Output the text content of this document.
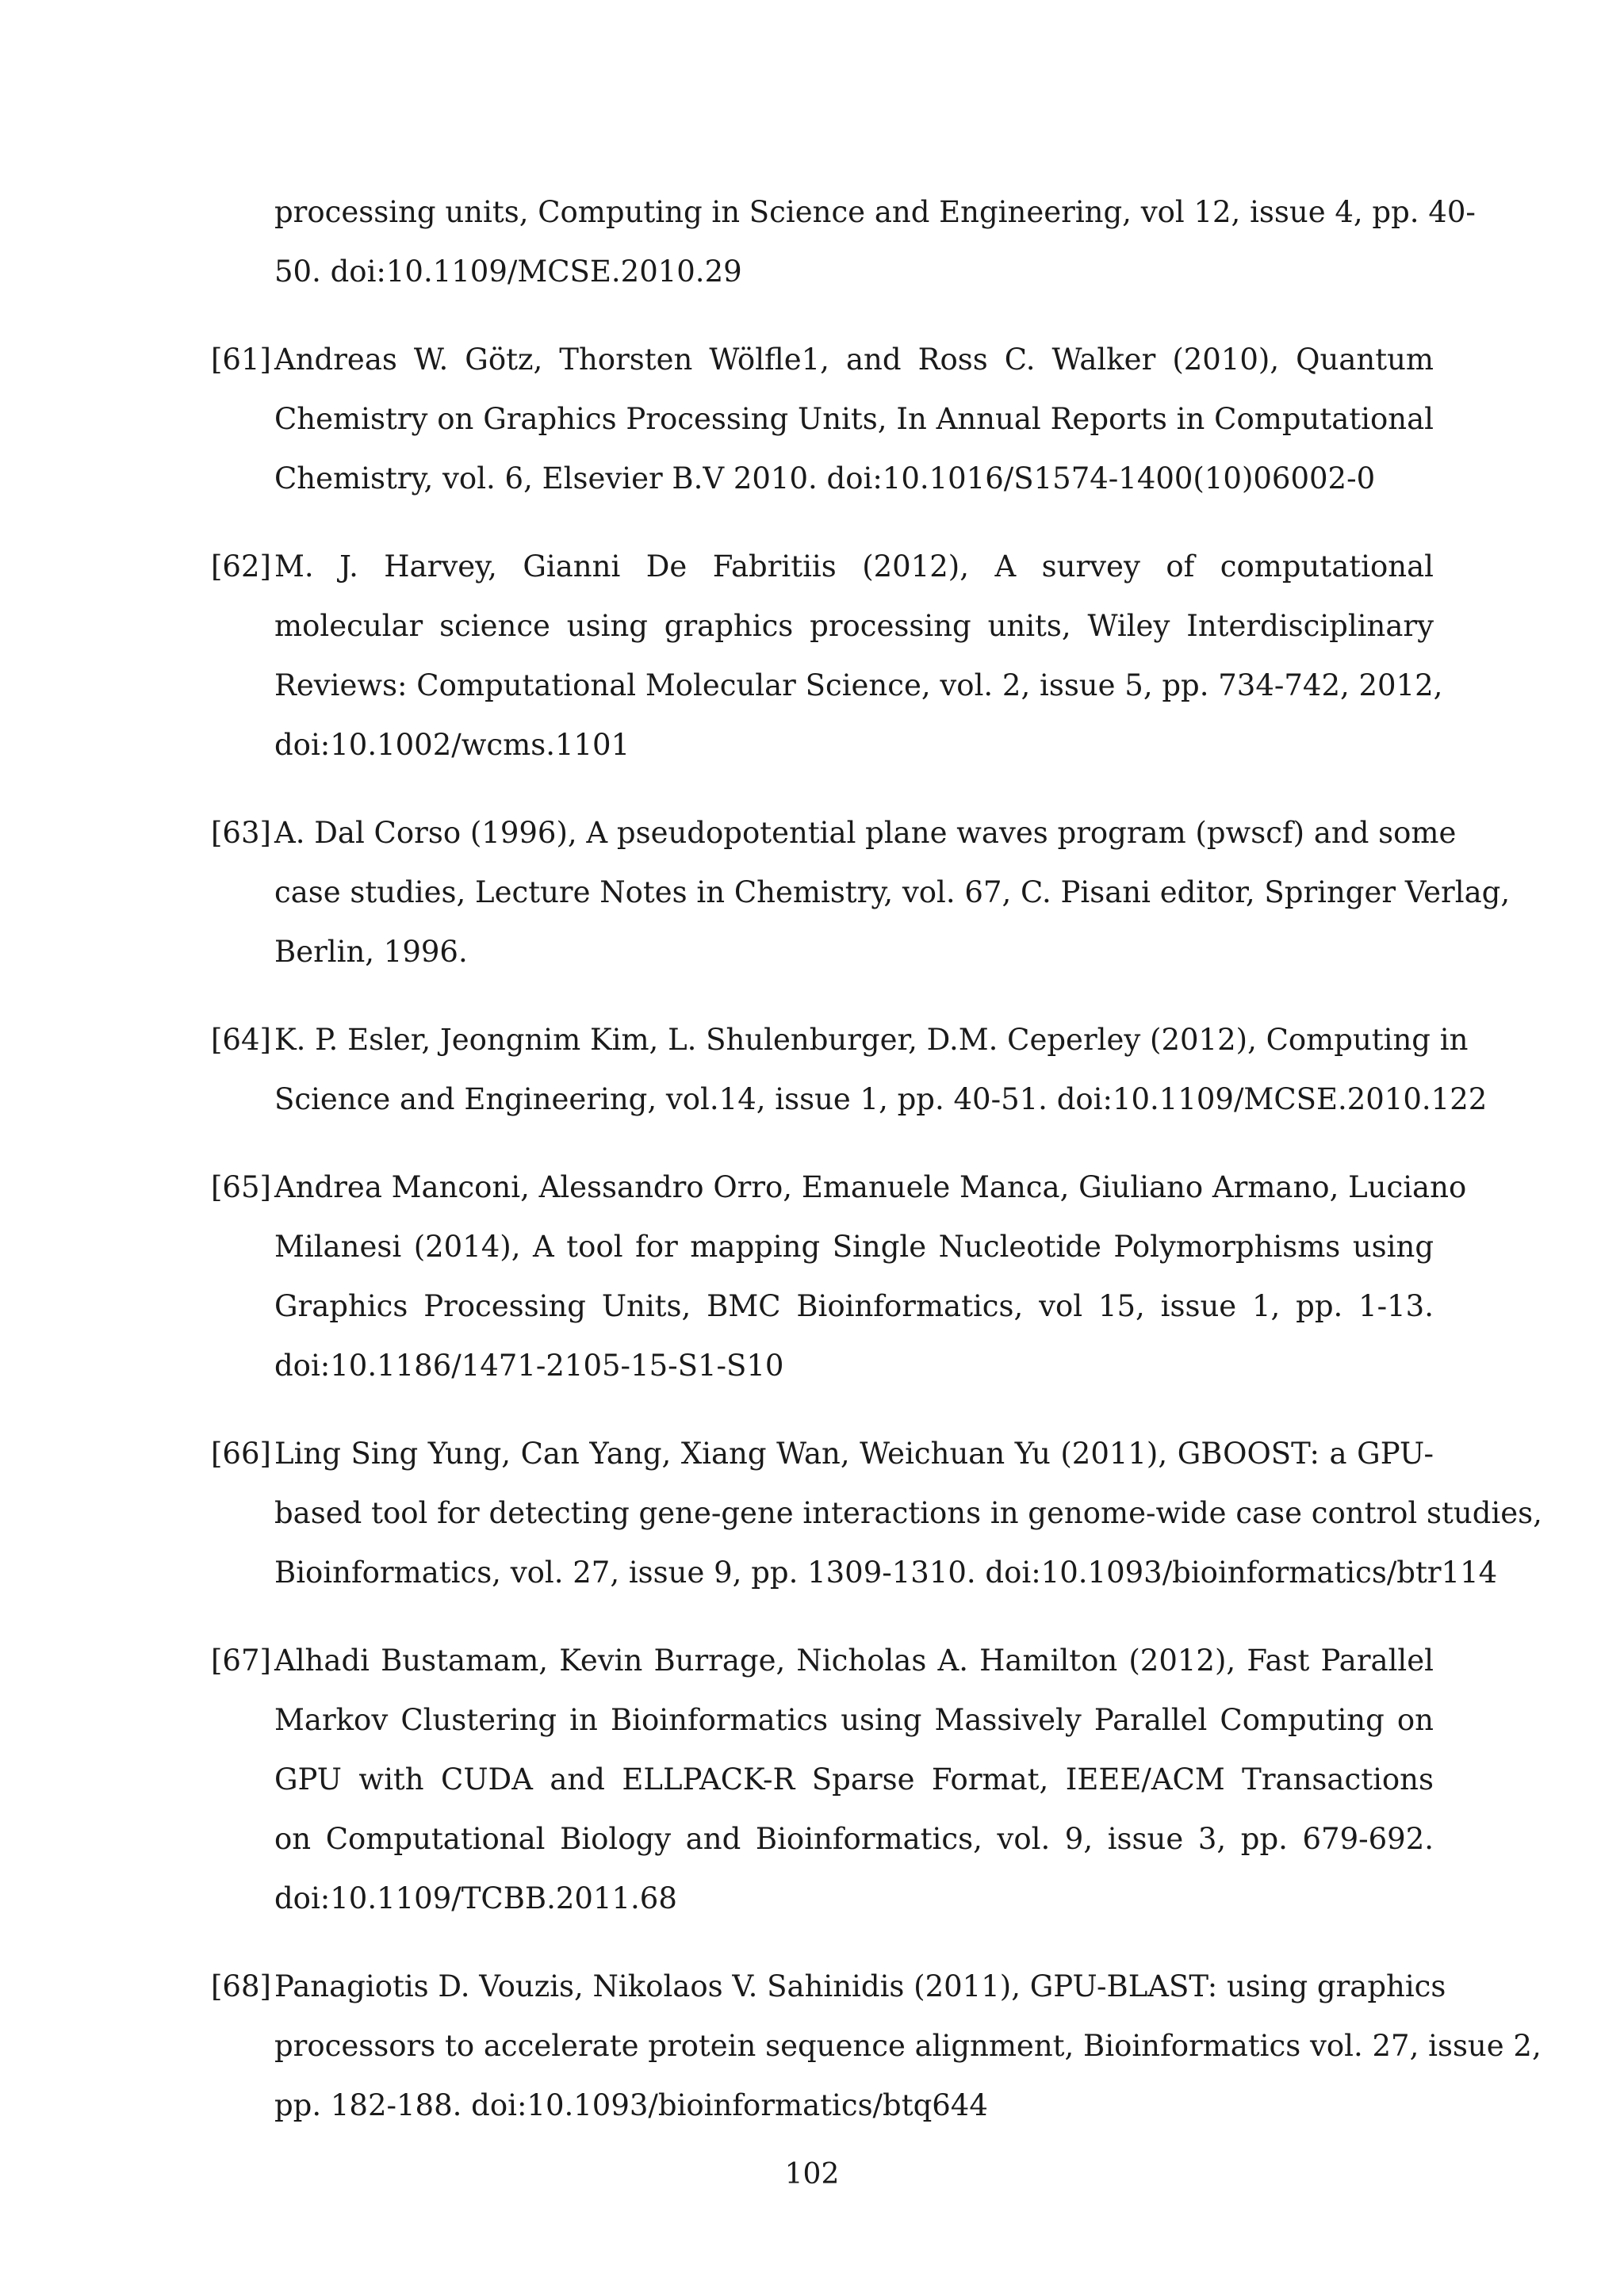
processing units, Computing in Science and Engineering, vol 12, issue 4, pp. 40-

50. doi:10.1109/MCSE.2010.29

[61] Andreas W. Götz, Thorsten Wölfle1, and Ross C. Walker (2010), Quantum

Chemistry on Graphics Processing Units, In Annual Reports in Computational

Chemistry, vol. 6, Elsevier B.V 2010. doi:10.1016/S1574-1400(10)06002-0

[62] M. J. Harvey, Gianni De Fabritiis (2012), A survey of computational

molecular science using graphics processing units, Wiley Interdisciplinary

Reviews: Computational Molecular Science, vol. 2, issue 5, pp. 734-742, 2012,

doi:10.1002/wcms.1101

[63] A. Dal Corso (1996), A pseudopotential plane waves program (pwscf) and some

case studies, Lecture Notes in Chemistry, vol. 67, C. Pisani editor, Springer Verlag,

Berlin, 1996.

[64] K. P. Esler, Jeongnim Kim, L. Shulenburger, D.M. Ceperley (2012), Computing in

Science and Engineering, vol.14, issue 1, pp. 40-51. doi:10.1109/MCSE.2010.122

[65] Andrea Manconi, Alessandro Orro, Emanuele Manca, Giuliano Armano, Luciano

Milanesi (2014), A tool for mapping Single Nucleotide Polymorphisms using

Graphics Processing Units, BMC Bioinformatics, vol 15, issue 1, pp. 1-13.

doi:10.1186/1471-2105-15-S1-S10

[66] Ling Sing Yung, Can Yang, Xiang Wan, Weichuan Yu (2011), GBOOST: a GPU-

based tool for detecting gene-gene interactions in genome-wide case control studies,

Bioinformatics, vol. 27, issue 9, pp. 1309-1310. doi:10.1093/bioinformatics/btr114

[67] Alhadi Bustamam, Kevin Burrage, Nicholas A. Hamilton (2012), Fast Parallel

Markov Clustering in Bioinformatics using Massively Parallel Computing on

GPU with CUDA and ELLPACK-R Sparse Format, IEEE/ACM Transactions

on Computational Biology and Bioinformatics, vol. 9, issue 3, pp. 679-692.

doi:10.1109/TCBB.2011.68

[68] Panagiotis D. Vouzis, Nikolaos V. Sahinidis (2011), GPU-BLAST: using graphics

processors to accelerate protein sequence alignment, Bioinformatics vol. 27, issue 2,

pp. 182-188. doi:10.1093/bioinformatics/btq644

102
